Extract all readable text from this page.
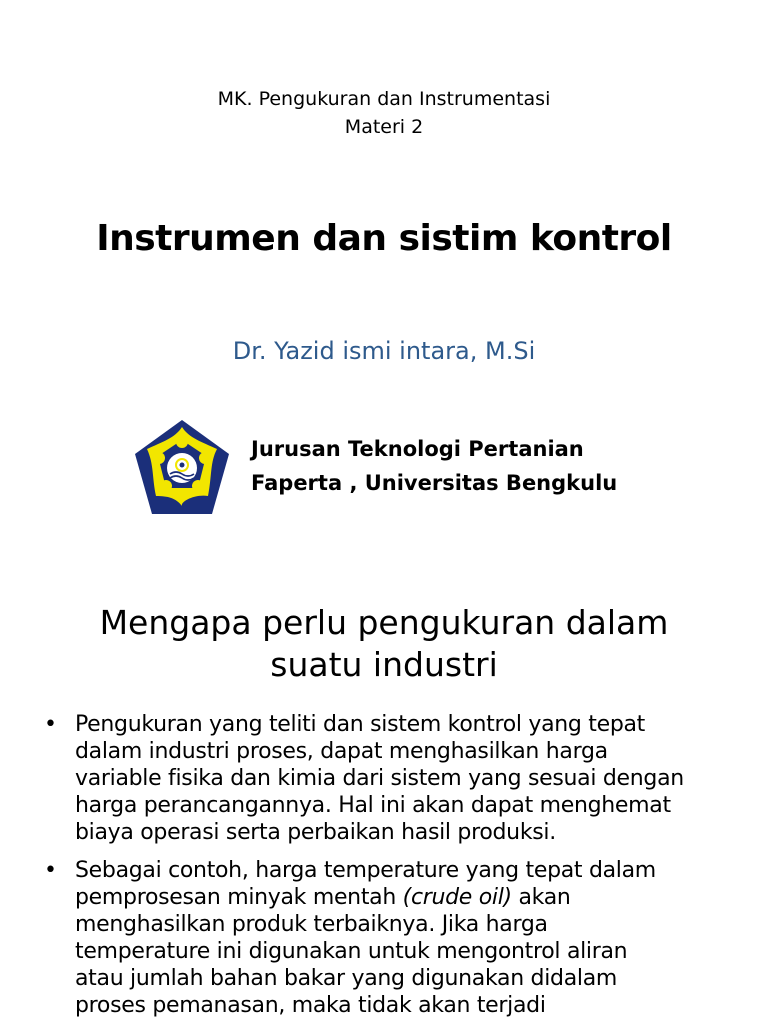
MK. Pengukuran dan Instrumentasi
Materi 2
Instrumen dan sistim kontrol
Dr. Yazid ismi intara, M.Si
Jurusan Teknologi Pertanian
Faperta , Universitas Bengkulu
Mengapa perlu pengukuran dalam
suatu industri
• Pengukuran yang teliti dan sistem kontrol yang tepat
dalam industri proses, dapat menghasilkan harga
variable fisika dan kimia dari sistem yang sesuai dengan
harga perancangannya. Hal ini akan dapat menghemat
biaya operasi serta perbaikan hasil produksi.
• Sebagai contoh, harga temperature yang tepat dalam
pemprosesan minyak mentah (crude oil) akan
menghasilkan produk terbaiknya. Jika harga
temperature ini digunakan untuk mengontrol aliran
atau jumlah bahan bakar yang digunakan didalam
proses pemanasan, maka tidak akan terjadi
